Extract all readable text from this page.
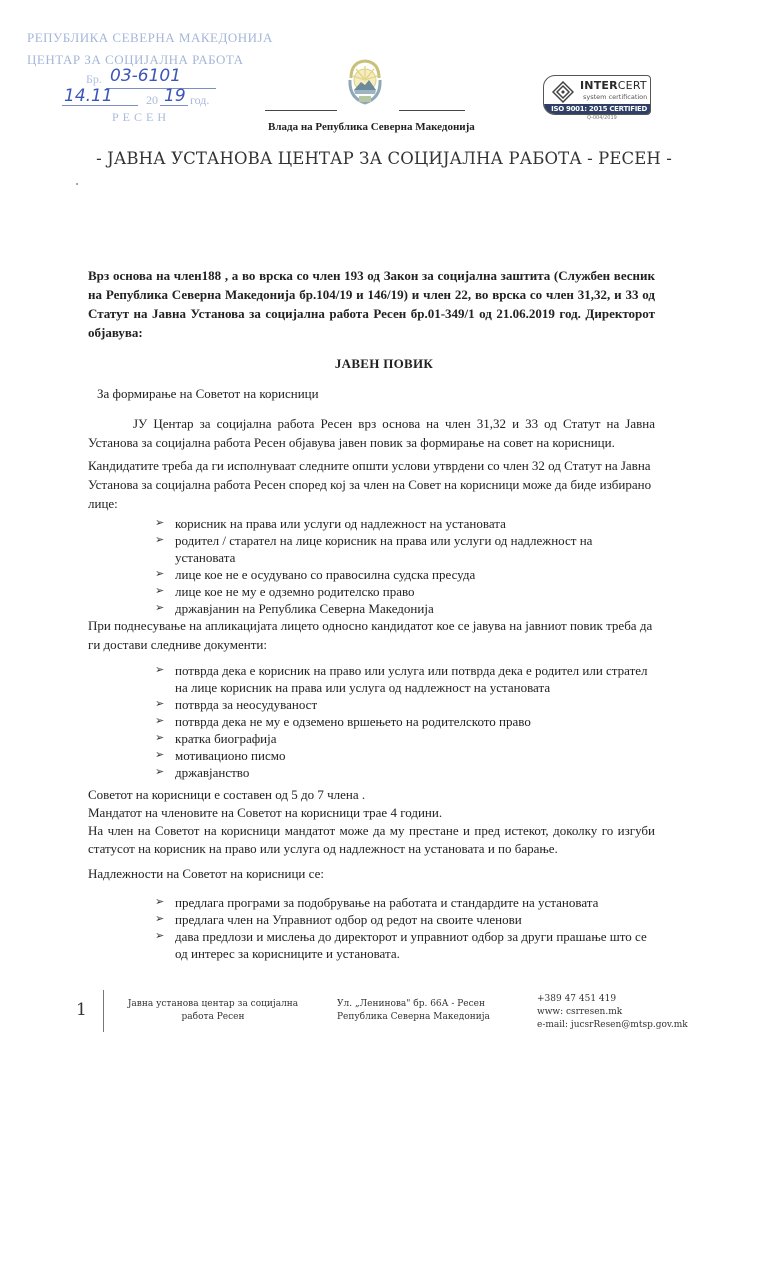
РЕПУБЛИКА СЕВЕРНА МАКЕДОНИЈА
ЦЕНТАР ЗА СОЦИЈАЛНА РАБОТА
Бр. 03-6101
14.11	20 19 год.
РЕСЕН
Влада на Република Северна Македонија
INTERCERT
system certification
ISO 9001: 2015 CERTIFIED
Q-004/2019
- ЈАВНА УСТАНОВА ЦЕНТАР ЗА СОЦИЈАЛНА РАБОТА - РЕСЕН -
Врз основа на член188 , а во врска со член 193 од Закон за социјална заштита (Службен весник на Република Северна Македонија бр.104/19 и 146/19) и член 22, во врска со член 31,32, и 33 од Статут на Јавна Установа за социјална работа Ресен бр.01-349/1 од 21.06.2019 год. Директорот објавува:
ЈАВЕН ПОВИК
За формирање на Советот на корисници
ЈУ Центар за социјална работа Ресен врз основа на член 31,32 и 33 од Статут на Јавна Установа за социјална работа Ресен објавува јавен повик за формирање на совет на корисници.
Кандидатите треба да ги исполнуваат следните општи услови утврдени со член 32 од Статут на Јавна
Установа за социјална работа Ресен според кој за член на Совет на корисници може да биде избирано
лице:
➢ корисник на права или услуги од надлежност на установата
➢ родител / старател на лице корисник на права или услуги од надлежност на установата
➢ лице кое не е осудувано со правосилна судска пресуда
➢ лице кое не му е одземно родителско право
➢ државјанин на Република Северна Македонија
При поднесување на апликацијата лицето односно кандидатот кое се јавува на јавниот повик треба да ги достави следниве документи:
➢ потврда дека е корисник на право или услуга или потврда дека е родител или стратeл на лице корисник на права или услуга од надлежност на установата
➢ потврда за неосудуваност
➢ потврда дека не му е одземено вршењето на родителското право
➢ кратка биографија
➢ мотивационо писмо
➢ државјанство
Советот на корисници е составен од 5 до 7 члена .
Мандатот на членовите на Советот на корисници трае 4 години.
На член на Советот на корисници мандатот може да му престане и пред истекот, доколку го изгуби статусот на корисник на право или услуга од надлежност на установата и по барање.
Надлежности на Советот на корисници се:
➢ предлага програми за подобрување на работата и стандардите на установата
➢ предлага член на Управниот одбор од редот на своите членови
➢ дава предлози и мислења до директорот и управниот одбор за други прашање што се од интерес за корисниците и установата.
1	Јавна установа центар за социјална
работа Ресен
Ул. „Ленинова" бр. 66А - Ресен
Република Северна Македонија
+389 47 451 419
www: csrresen.mk
e-mail: jucsrResen@mtsp.gov.mk
